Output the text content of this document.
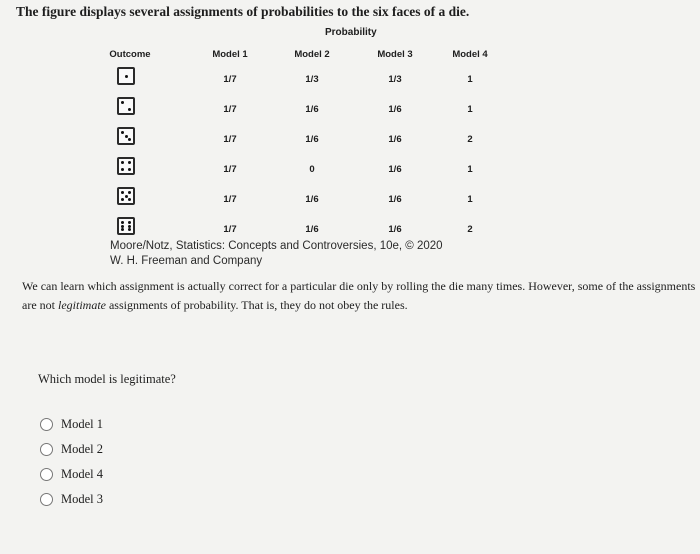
The figure displays several assignments of probabilities to the six faces of a die.
Probability
Outcome	Model 1	Model 2	Model 3	Model 4
1/7	1/3	1/3	1
1/7	1/6	1/6	1
1/7	1/6	1/6	2
1/7	0	1/6	1
1/7	1/6	1/6	1
1/7	1/6	1/6	2
Moore/Notz, Statistics: Concepts and Controversies, 10e, © 2020
W. H. Freeman and Company
We can learn which assignment is actually correct for a particular die only by rolling the die many times. However, some of the assignments are not legitimate assignments of probability. That is, they do not obey the rules.
Which model is legitimate?
Model 1
Model 2
Model 4
Model 3
